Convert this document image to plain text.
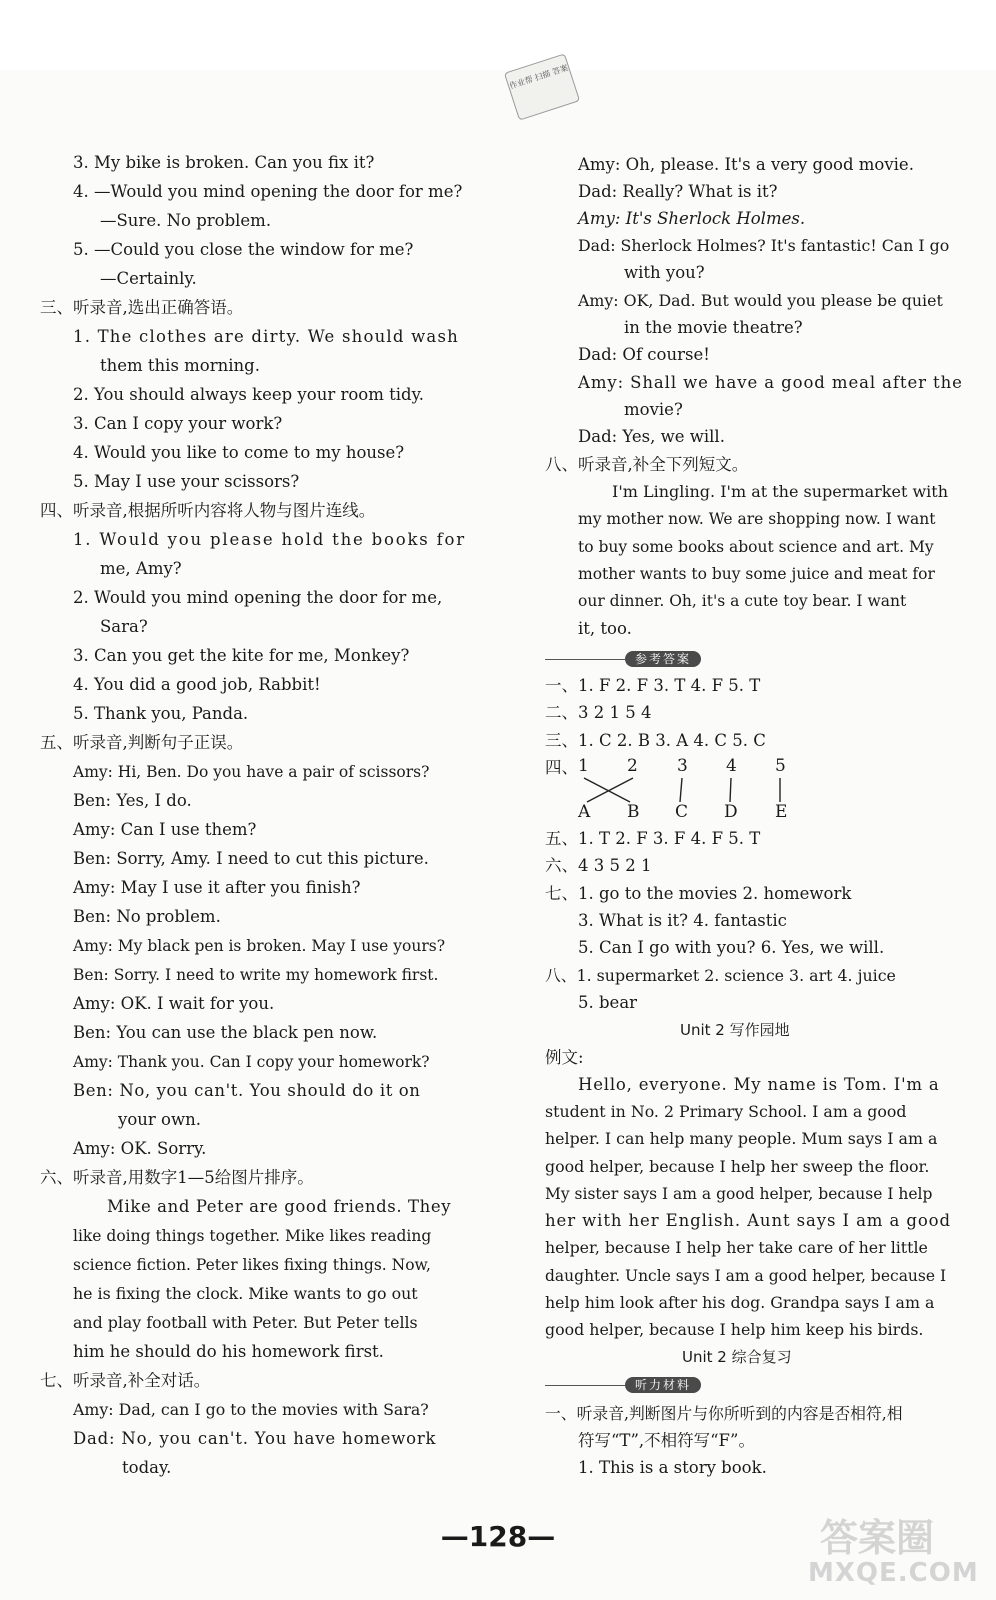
作业帮 扫描 答案
3. My bike is broken. Can you fix it?
4. —Would you mind opening the door for me?
—Sure. No problem.
5. —Could you close the window for me?
—Certainly.
三、听录音,选出正确答语。
1. The clothes are dirty. We should wash
them this morning.
2. You should always keep your room tidy.
3. Can I copy your work?
4. Would you like to come to my house?
5. May I use your scissors?
四、听录音,根据所听内容将人物与图片连线。
1. Would you please hold the books for
me, Amy?
2. Would you mind opening the door for me,
Sara?
3. Can you get the kite for me, Monkey?
4. You did a good job, Rabbit!
5. Thank you, Panda.
五、听录音,判断句子正误。
Amy: Hi, Ben. Do you have a pair of scissors?
Ben: Yes, I do.
Amy: Can I use them?
Ben: Sorry, Amy. I need to cut this picture.
Amy: May I use it after you finish?
Ben: No problem.
Amy: My black pen is broken. May I use yours?
Ben: Sorry. I need to write my homework first.
Amy: OK. I wait for you.
Ben: You can use the black pen now.
Amy: Thank you. Can I copy your homework?
Ben: No, you can't. You should do it on
your own.
Amy: OK. Sorry.
六、听录音,用数字1—5给图片排序。
Mike and Peter are good friends. They
like doing things together. Mike likes reading
science fiction. Peter likes fixing things. Now,
he is fixing the clock. Mike wants to go out
and play football with Peter. But Peter tells
him he should do his homework first.
七、听录音,补全对话。
Amy: Dad, can I go to the movies with Sara?
Dad: No, you can't. You have homework
today.
Amy: Oh, please. It's a very good movie.
Dad: Really? What is it?
Amy: It's Sherlock Holmes.
Dad: Sherlock Holmes? It's fantastic! Can I go
with you?
Amy: OK, Dad. But would you please be quiet
in the movie theatre?
Dad: Of course!
Amy: Shall we have a good meal after the
movie?
Dad: Yes, we will.
八、听录音,补全下列短文。
I'm Lingling. I'm at the supermarket with
my mother now. We are shopping now. I want
to buy some books about science and art. My
mother wants to buy some juice and meat for
our dinner. Oh, it's a cute toy bear. I want
it, too.
参考答案
一、1. F 2. F 3. T 4. F 5. T
二、3 2 1 5 4
三、1. C 2. B 3. A 4. C 5. C
四、 1 2 3 4 5
A B C D E
五、1. T 2. F 3. F 4. F 5. T
六、4 3 5 2 1
七、1. go to the movies 2. homework
3. What is it? 4. fantastic
5. Can I go with you? 6. Yes, we will.
八、1. supermarket 2. science 3. art 4. juice
5. bear
Unit 2 写作园地
例文:
Hello, everyone. My name is Tom. I'm a
student in No. 2 Primary School. I am a good
helper. I can help many people. Mum says I am a
good helper, because I help her sweep the floor.
My sister says I am a good helper, because I help
her with her English. Aunt says I am a good
helper, because I help her take care of her little
daughter. Uncle says I am a good helper, because I
help him look after his dog. Grandpa says I am a
good helper, because I help him keep his birds.
Unit 2 综合复习
听力材料
一、听录音,判断图片与你所听到的内容是否相符,相
符写“T”,不相符写“F”。
1. This is a story book.
—128—	答案圈
MXQE.COM
